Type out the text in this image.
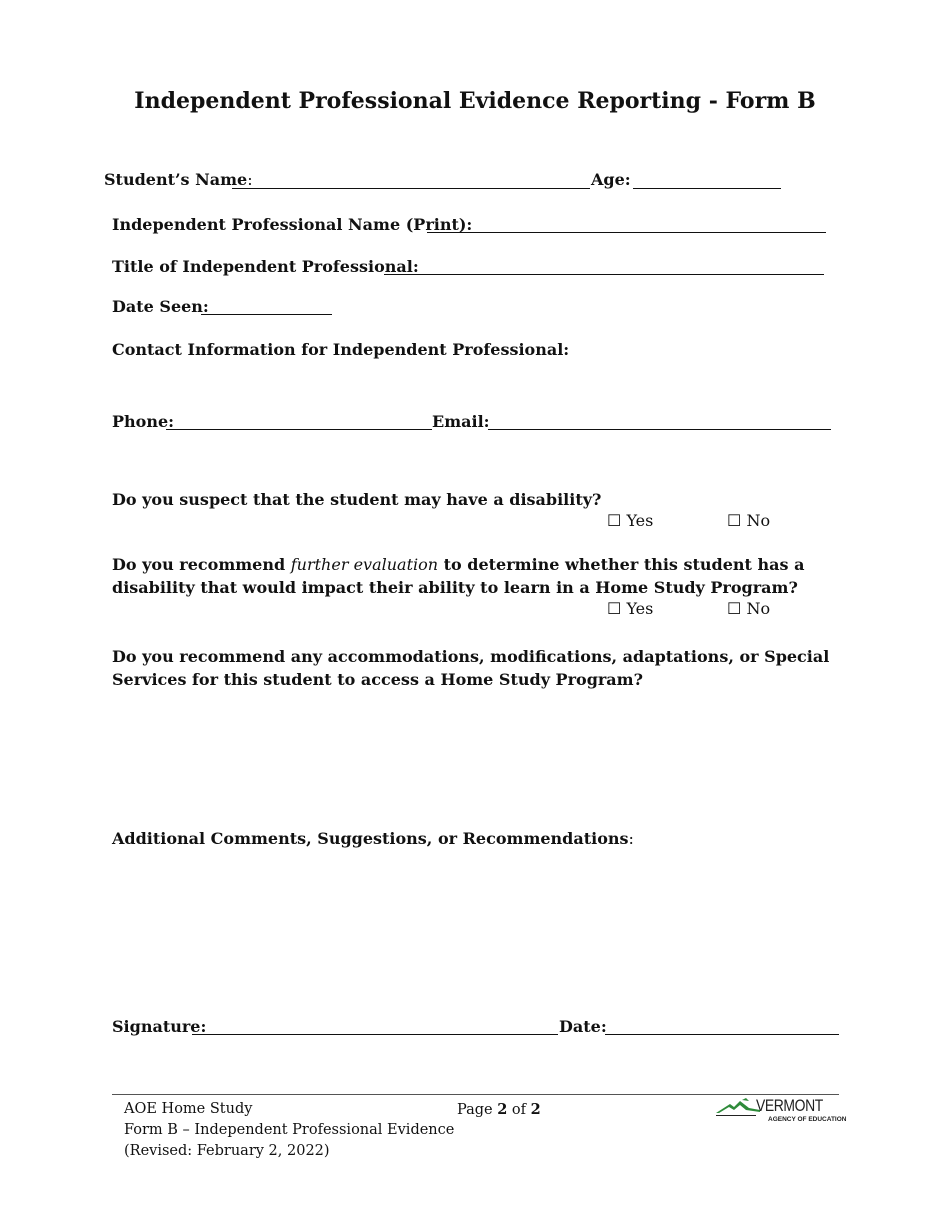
Independent Professional Evidence Reporting - Form B
Student’s Name:	Age:
Independent Professional Name (Print):
Title of Independent Professional:
Date Seen:
Contact Information for Independent Professional:
Phone:	Email:
Do you suspect that the student may have a disability?
☐ Yes	☐ No
Do you recommend further evaluation to determine whether this student has a disability that would impact their ability to learn in a Home Study Program?
☐ Yes	☐ No
Do you recommend any accommodations, modifications, adaptations, or Special Services for this student to access a Home Study Program?
Additional Comments, Suggestions, or Recommendations:
Signature:	Date:
AOE Home Study
Form B – Independent Professional Evidence
(Revised: February 2, 2022)
Page 2 of 2	VERMONT
AGENCY OF EDUCATION
